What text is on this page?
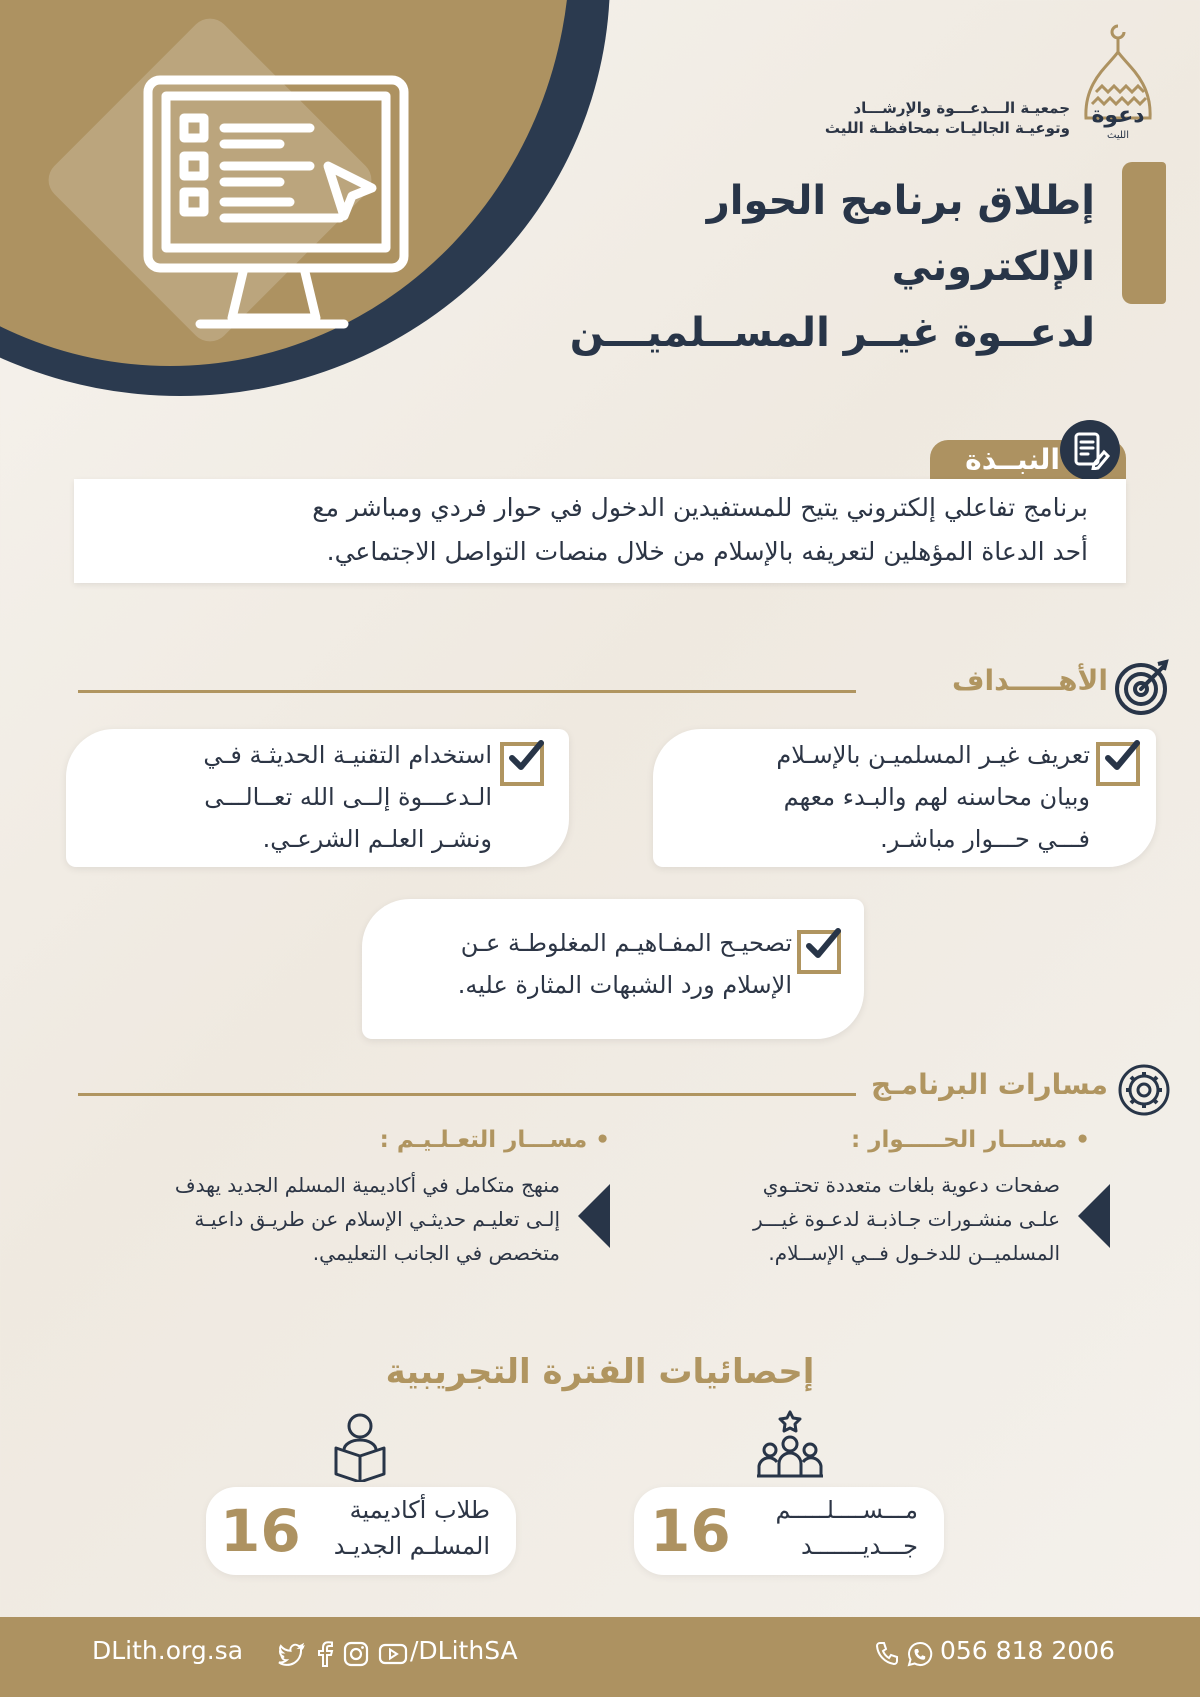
دعوة
الليث
جمعيـة الـــدعـــوة والإرشـــاد
وتوعيـة الجاليـات بمحافظـة الليث
إطلاق برنامج الحوار الإلكتروني
لدعــوة غيــر المســلميـــن
النبــذة
برنامج تفاعلي إلكتروني يتيح للمستفيدين الدخول في حوار فردي ومباشر مع
أحد الدعاة المؤهلين لتعريفه بالإسلام من خلال منصات التواصل الاجتماعي.
الأهـــــداف
تعريف غيـر المسلميـن بالإسـلام
وبيان محاسنه لهم والبـدء معهم
فـــي حـــوار مباشـر.
استخدام التقنيـة الحديثـة فـي
الـدعـــوة إلــى الله تعــالـــى
ونشـر العلـم الشرعـي.
تصحيـح المفـاهيـم المغلوطـة عـن
الإسلام ورد الشبهات المثارة عليه.
مسارات البرنامـج
• مســـار الحـــــوار :
صفحات دعوية بلغات متعددة تحتـوي
علـى منشـورات جـاذبـة لدعـوة غيـــر
المسلميــن للدخـول فــي الإســلام.
• مســـار التعـلـيـم :
منهج متكامل في أكاديمية المسلم الجديد يهدف
إلـى تعليـم حديثـي الإسلام عن طريـق داعيـة
متخصص في الجانب التعليمي.
إحصائيات الفترة التجريبية
16 مـــســــلـــــم
جـــديـــــــد
16	طلاب أكاديمية
المسلـم الجديـد
DLith.org.sa	/DLithSA	056 818 2006
